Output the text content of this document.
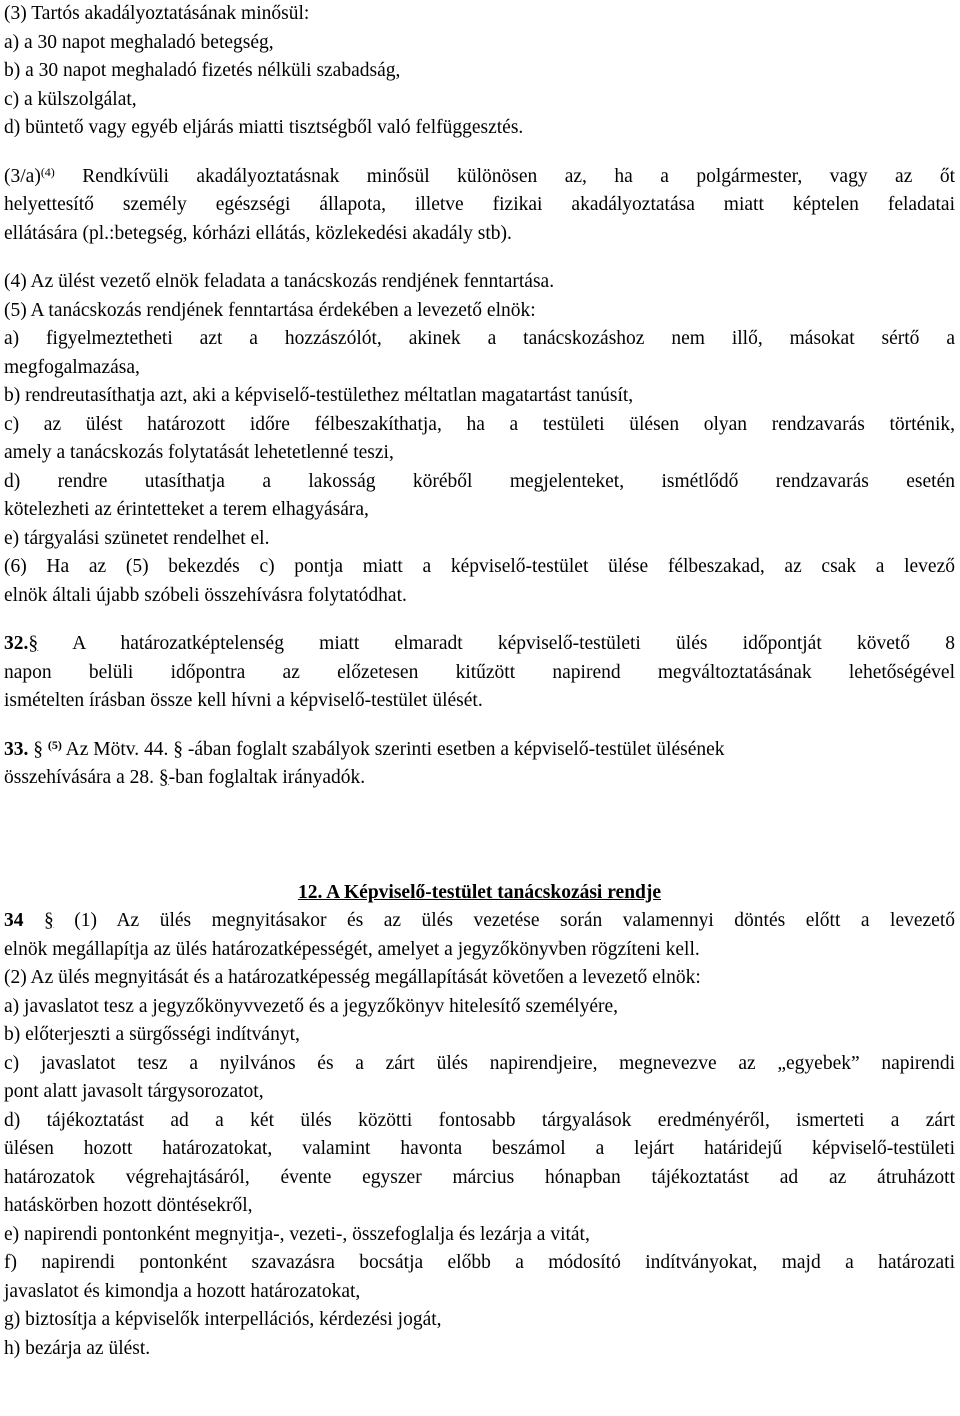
(3) Tartós akadályoztatásának minősül:
a) a 30 napot meghaladó betegség,
b) a 30 napot meghaladó fizetés nélküli szabadság,
c) a külszolgálat,
d) büntető vagy egyéb eljárás miatti tisztségből való felfüggesztés.
$(3/a)^{(4)}$ Rendkívüli akadályoztatásnak minősül különösen az, ha a polgármester, vagy az őt
helyettesítő személy egészségi állapota, illetve fizikai akadályoztatása miatt képtelen feladatai
ellátására (pl.:betegség, kórházi ellátás, közlekedési akadály stb).
(4) Az ülést vezető elnök feladata a tanácskozás rendjének fenntartása.
(5) A tanácskozás rendjének fenntartása érdekében a levezető elnök:
a) figyelmeztetheti azt a hozzászólót, akinek a tanácskozáshoz nem illő, másokat sértő a
megfogalmazása,
b) rendreutasíthatja azt, aki a képviselő-testülethez méltatlan magatartást tanúsít,
c) az ülést határozott időre félbeszakíthatja, ha a testületi ülésen olyan rendzavarás történik,
amely a tanácskozás folytatását lehetetlenné teszi,
d) rendre utasíthatja a lakosság köréből megjelenteket, ismétlődő rendzavarás esetén
kötelezheti az érintetteket a terem elhagyására,
e) tárgyalási szünetet rendelhet el.
(6) Ha az (5) bekezdés c) pontja miatt a képviselő-testület ülése félbeszakad, az csak a levező
elnök általi újabb szóbeli összehívásra folytatódhat.
32.§ A határozatképtelenség miatt elmaradt képviselő-testületi ülés időpontját követő 8
napon belüli időpontra az előzetesen kitűzött napirend megváltoztatásának lehetőségével
ismételten írásban össze kell hívni a képviselő-testület ülését.
33. § $^{(5)}$ Az Mötv. 44. § -ában foglalt szabályok szerinti esetben a képviselő-testület ülésének
összehívására a 28. §-ban foglaltak irányadók.
12. A Képviselő-testület tanácskozási rendje
34 § (1) Az ülés megnyitásakor és az ülés vezetése során valamennyi döntés előtt a levezető
elnök megállapítja az ülés határozatképességét, amelyet a jegyzőkönyvben rögzíteni kell.
(2) Az ülés megnyitását és a határozatképesség megállapítását követően a levezető elnök:
a) javaslatot tesz a jegyzőkönyvvezető és a jegyzőkönyv hitelesítő személyére,
b) előterjeszti a sürgősségi indítványt,
c) javaslatot tesz a nyilvános és a zárt ülés napirendjeire, megnevezve az „egyebek” napirendi
pont alatt javasolt tárgysorozatot,
d) tájékoztatást ad a két ülés közötti fontosabb tárgyalások eredményéről, ismerteti a zárt
ülésen hozott határozatokat, valamint havonta beszámol a lejárt határidejű képviselő-testületi
határozatok végrehajtásáról, évente egyszer március hónapban tájékoztatást ad az átruházott
hatáskörben hozott döntésekről,
e) napirendi pontonként megnyitja-, vezeti-, összefoglalja és lezárja a vitát,
f) napirendi pontonként szavazásra bocsátja előbb a módosító indítványokat, majd a határozati
javaslatot és kimondja a hozott határozatokat,
g) biztosítja a képviselők interpellációs, kérdezési jogát,
h) bezárja az ülést.
